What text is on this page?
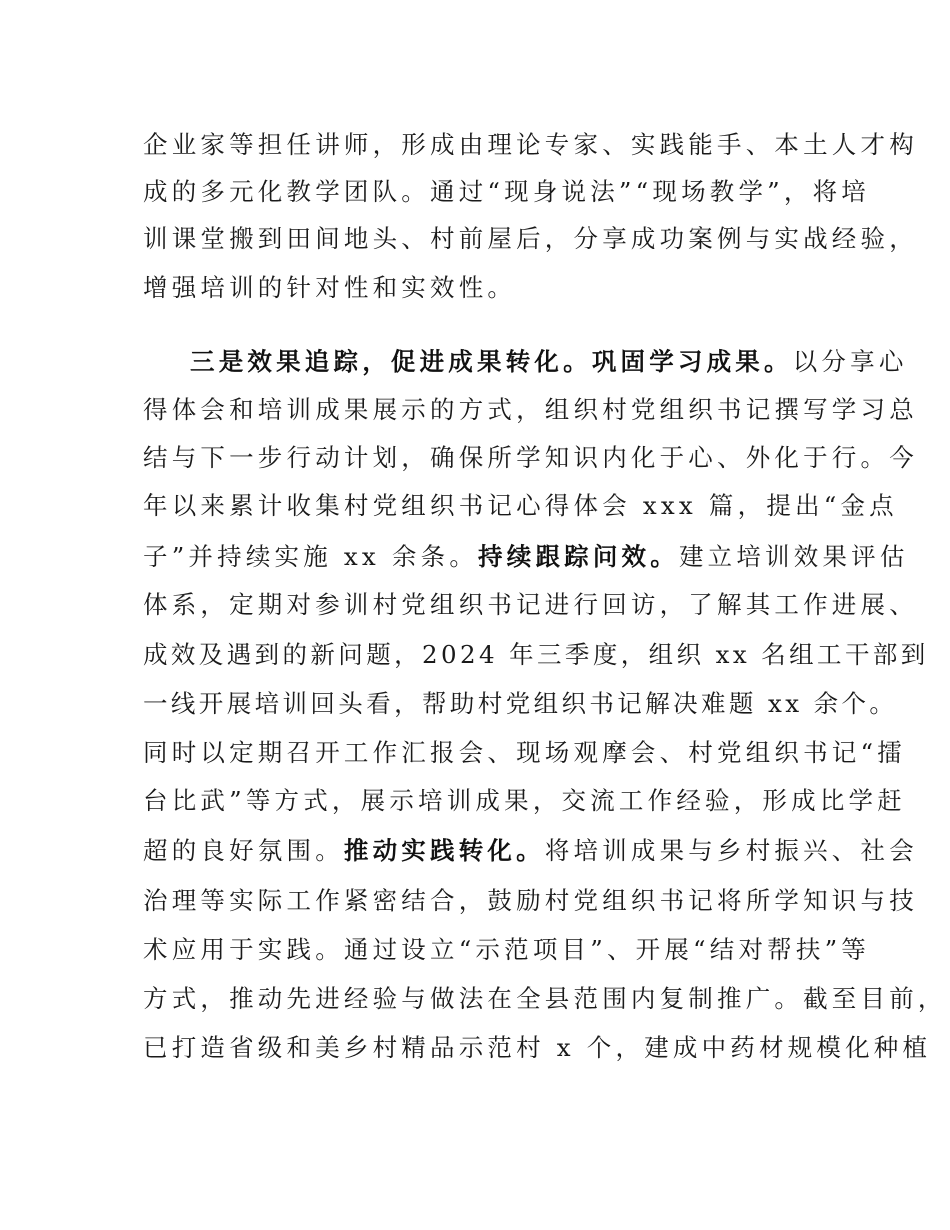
企业家等担任讲师，形成由理论专家、实践能手、本土人才构
成的多元化教学团队。通过“现身说法”“现场教学”，将培
训课堂搬到田间地头、村前屋后，分享成功案例与实战经验，
增强培训的针对性和实效性。
三是效果追踪，促进成果转化。巩固学习成果。以分享心
得体会和培训成果展示的方式，组织村党组织书记撰写学习总
结与下一步行动计划，确保所学知识内化于心、外化于行。今
年以来累计收集村党组织书记心得体会 xxx 篇，提出“金点
子”并持续实施 xx 余条。持续跟踪问效。建立培训效果评估
体系，定期对参训村党组织书记进行回访，了解其工作进展、
成效及遇到的新问题，2024 年三季度，组织 xx 名组工干部到
一线开展培训回头看，帮助村党组织书记解决难题 xx 余个。
同时以定期召开工作汇报会、现场观摩会、村党组织书记“擂
台比武”等方式，展示培训成果，交流工作经验，形成比学赶
超的良好氛围。推动实践转化。将培训成果与乡村振兴、社会
治理等实际工作紧密结合，鼓励村党组织书记将所学知识与技
术应用于实践。通过设立“示范项目”、开展“结对帮扶”等
方式，推动先进经验与做法在全县范围内复制推广。截至目前，
已打造省级和美乡村精品示范村 x 个，建成中药材规模化种植
